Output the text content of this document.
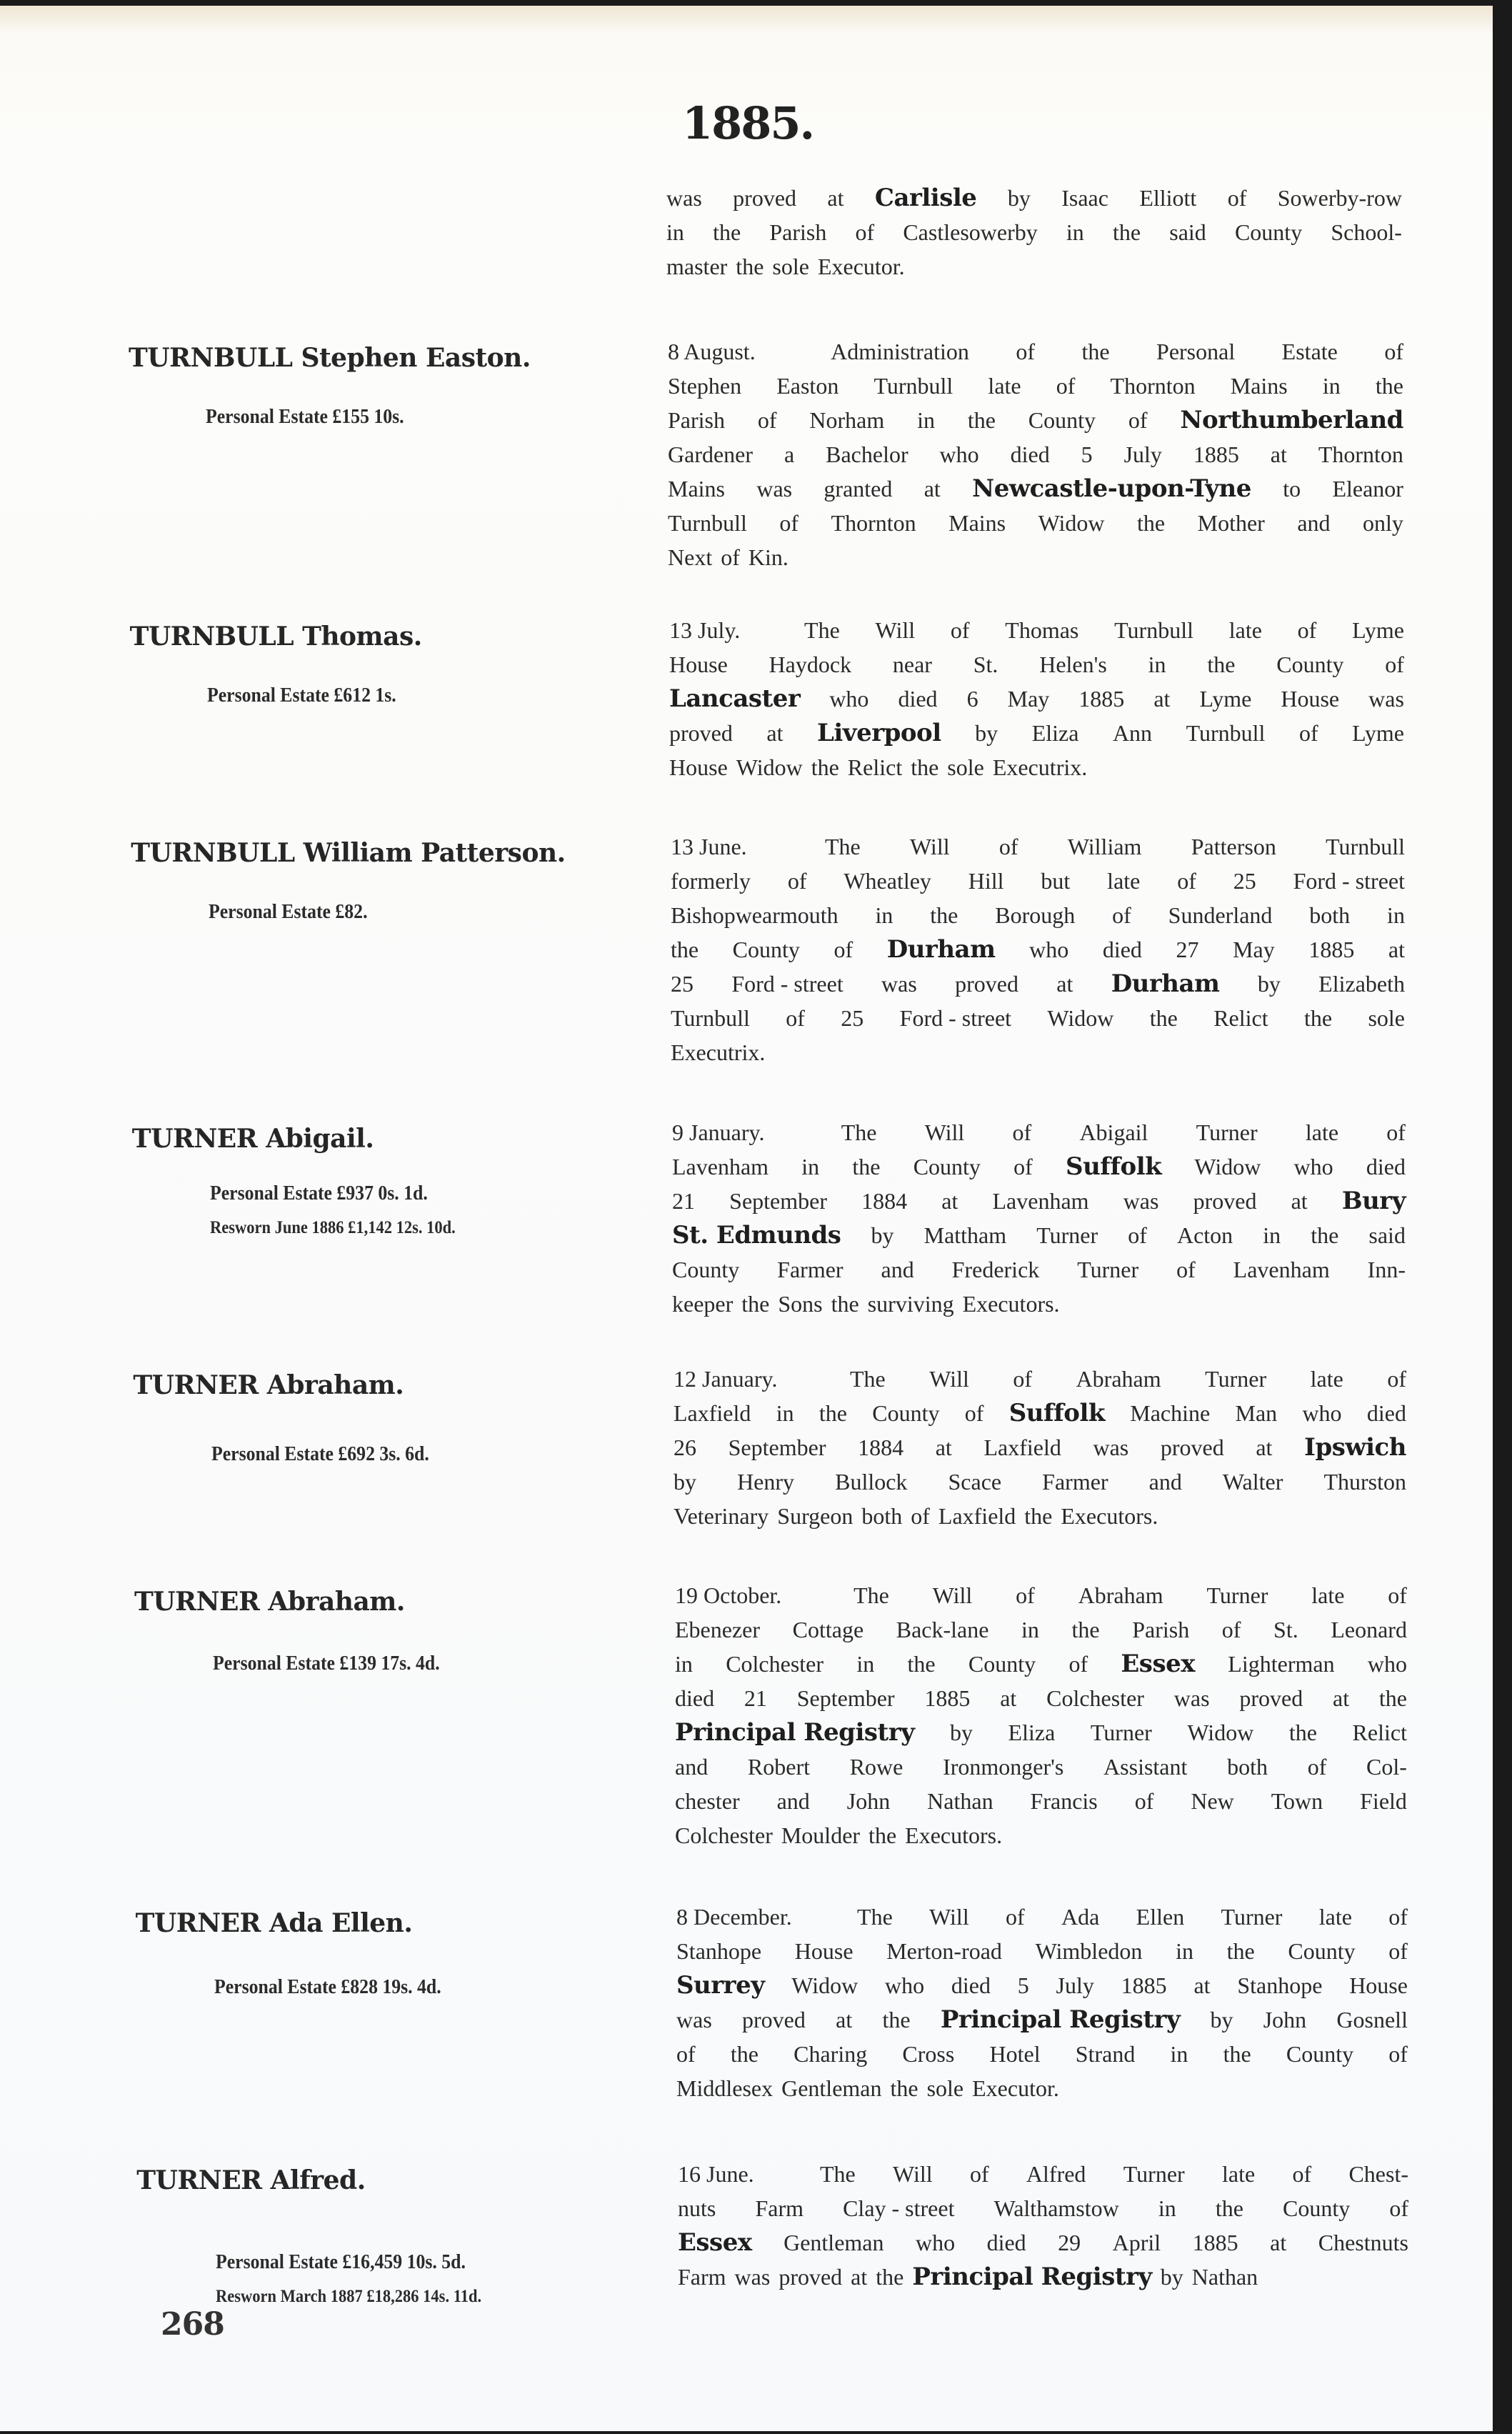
1885.
was proved at Carlisle by Isaac Elliott of Sowerby-row
in the Parish of Castlesowerby in the said County School-
master the sole Executor.
TURNBULL Stephen Easton.
Personal Estate £155 10s.
8 August.	Administration of the Personal Estate of
Stephen Easton Turnbull late of Thornton Mains in the
Parish of Norham in the County of Northumberland
Gardener a Bachelor who died 5 July 1885 at Thornton
Mains was granted at Newcastle-upon-Tyne to Eleanor
Turnbull of Thornton Mains Widow the Mother and only
Next of Kin.
TURNBULL Thomas.
Personal Estate £612 1s.
13 July.	The Will of Thomas Turnbull late of Lyme
House Haydock near St. Helen's in the County of
Lancaster who died 6 May 1885 at Lyme House was
proved at Liverpool by Eliza Ann Turnbull of Lyme
House Widow the Relict the sole Executrix.
TURNBULL William Patterson.
Personal Estate £82.
13 June.	The Will of William Patterson Turnbull
formerly of Wheatley Hill but late of 25 Ford - street
Bishopwearmouth in the Borough of Sunderland both in
the County of Durham who died 27 May 1885 at
25 Ford - street was proved at Durham by Elizabeth
Turnbull of 25 Ford - street Widow the Relict the sole
Executrix.
TURNER Abigail.
Personal Estate £937 0s. 1d.
Resworn June 1886 £1,142 12s. 10d.
9 January.	The Will of Abigail Turner late of
Lavenham in the County of Suffolk Widow who died
21 September 1884 at Lavenham was proved at Bury
St. Edmunds by Mattham Turner of Acton in the said
County Farmer and Frederick Turner of Lavenham Inn-
keeper the Sons the surviving Executors.
TURNER Abraham.
Personal Estate £692 3s. 6d.
12 January.	The Will of Abraham Turner late of
Laxfield in the County of Suffolk Machine Man who died
26 September 1884 at Laxfield was proved at Ipswich
by Henry Bullock Scace Farmer and Walter Thurston
Veterinary Surgeon both of Laxfield the Executors.
TURNER Abraham.
Personal Estate £139 17s. 4d.
19 October.	The Will of Abraham Turner late of
Ebenezer Cottage Back-lane in the Parish of St. Leonard
in Colchester in the County of Essex Lighterman who
died 21 September 1885 at Colchester was proved at the
Principal Registry by Eliza Turner Widow the Relict
and Robert Rowe Ironmonger's Assistant both of Col-
chester and John Nathan Francis of New Town Field
Colchester Moulder the Executors.
TURNER Ada Ellen.
Personal Estate £828 19s. 4d.
8 December.	The Will of Ada Ellen Turner late of
Stanhope House Merton-road Wimbledon in the County of
Surrey Widow who died 5 July 1885 at Stanhope House
was proved at the Principal Registry by John Gosnell
of the Charing Cross Hotel Strand in the County of
Middlesex Gentleman the sole Executor.
TURNER Alfred.
Personal Estate £16,459 10s. 5d.
Resworn March 1887 £18,286 14s. 11d.
16 June.	The Will of Alfred Turner late of Chest-
nuts Farm Clay - street Walthamstow in the County of
Essex Gentleman who died 29 April 1885 at Chestnuts
Farm was proved at the Principal Registry by Nathan
268
